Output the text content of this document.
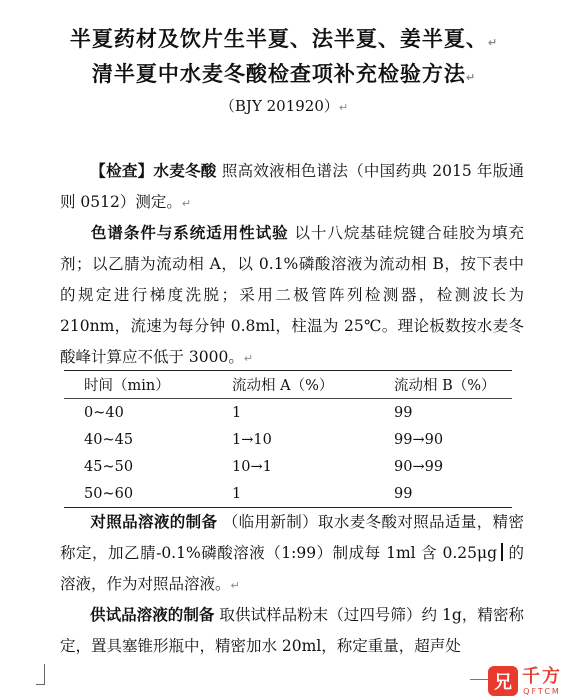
半夏药材及饮片生半夏、法半夏、姜半夏、↵
清半夏中水麦冬酸检查项补充检验方法↵
（BJY 201920）↵
【检查】水麦冬酸 照高效液相色谱法（中国药典 2015 年版通则 0512）测定。↵
色谱条件与系统适用性试验 以十八烷基硅烷键合硅胶为填充剂；以乙腈为流动相 A，以 0.1%磷酸溶液为流动相 B，按下表中的规定进行梯度洗脱；采用二极管阵列检测器，检测波长为 210nm，流速为每分钟 0.8ml，柱温为 25℃。理论板数按水麦冬酸峰计算应不低于 3000。↵
时间（min）	流动相 A（%）	流动相 B（%）
0~40	1	99
40~45	1→10	99→90
45~50	10→1	90→99
50~60	1	99
对照品溶液的制备 （临用新制）取水麦冬酸对照品适量，精密称定，加乙腈-0.1%磷酸溶液（1:99）制成每 1ml 含 0.25μg 的溶液，作为对照品溶液。↵
供试品溶液的制备 取供试样品粉末（过四号筛）约 1g，精密称定，置具塞锥形瓶中，精密加水 20ml，称定重量，超声处
兄 千方
QFTCM
